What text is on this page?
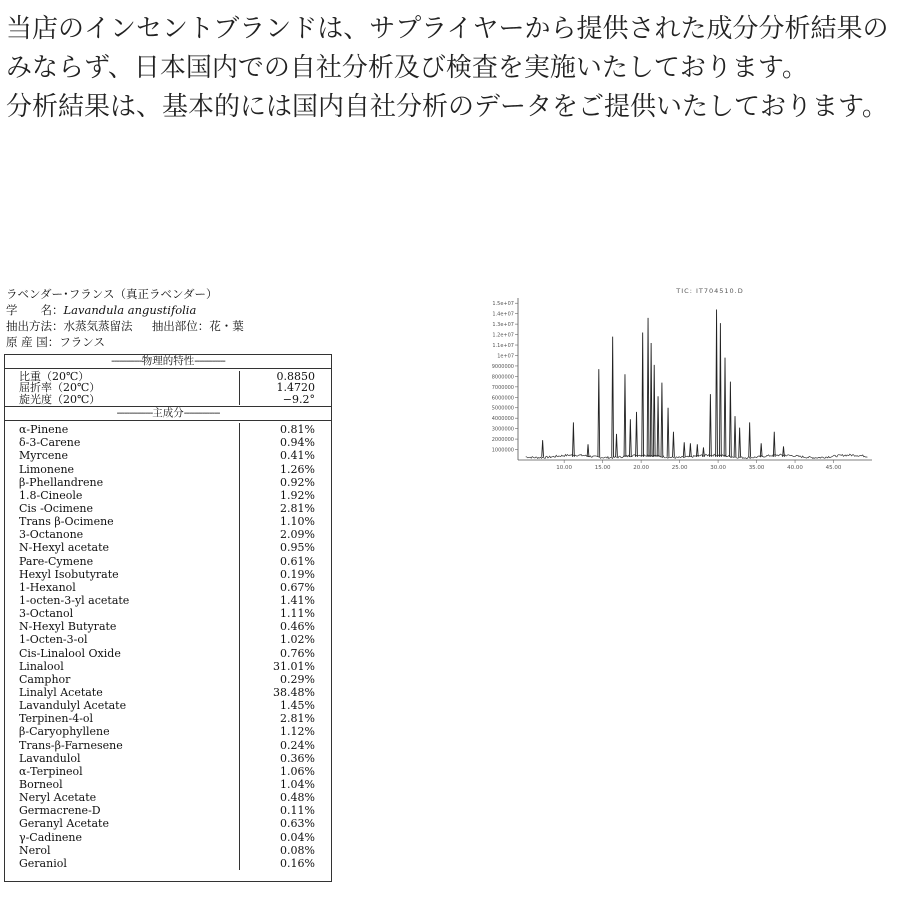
当店のインセントブランドは、サプライヤーから提供された成分分析結果のみならず、日本国内での自社分析及び検査を実施いたしております。

分析結果は、基本的には国内自社分析のデータをご提供いたしております。

ラベンダー･フランス（真正ラベンダー）
学　　名：Lavandula angustifolia
抽出方法：水蒸気蒸留法 抽出部位：花・葉
原 産 国：フランス
------------物理的特性------------
比重（20℃）	0.8850
屈折率（20℃）	1.4720
旋光度（20℃）	−9.2°
--------------主成分--------------
α-Pinene	0.81%
δ-3-Carene	0.94%
Myrcene	0.41%
Limonene	1.26%
β-Phellandrene	0.92%
1.8-Cineole	1.92%
Cis -Ocimene	2.81%
Trans β-Ocimene	1.10%
3-Octanone	2.09%
N-Hexyl acetate	0.95%
Pare-Cymene	0.61%
Hexyl Isobutyrate	0.19%
1-Hexanol	0.67%
1-octen-3-yl acetate	1.41%
3-Octanol	1.11%
N-Hexyl Butyrate	0.46%
1-Octen-3-ol	1.02%
Cis-Linalool Oxide	0.76%
Linalool	31.01%
Camphor	0.29%
Linalyl Acetate	38.48%
Lavandulyl Acetate	1.45%
Terpinen-4-ol	2.81%
β-Caryophyllene	1.12%
Trans-β-Farnesene	0.24%
Lavandulol	0.36%
α-Terpineol	1.06%
Borneol	1.04%
Neryl Acetate	0.48%
Germacrene-D	0.11%
Geranyl Acetate	0.63%
γ-Cadinene	0.04%
Nerol	0.08%
Geraniol	0.16%
TIC: IT704510.D
1000000
2000000
3000000
4000000
5000000
6000000
7000000
8000000
9000000
1e+07
1.1e+07
1.2e+07
1.3e+07
1.4e+07
1.5e+07
10.00	15.00	20.00	25.00	30.00	35.00	40.00	45.00
